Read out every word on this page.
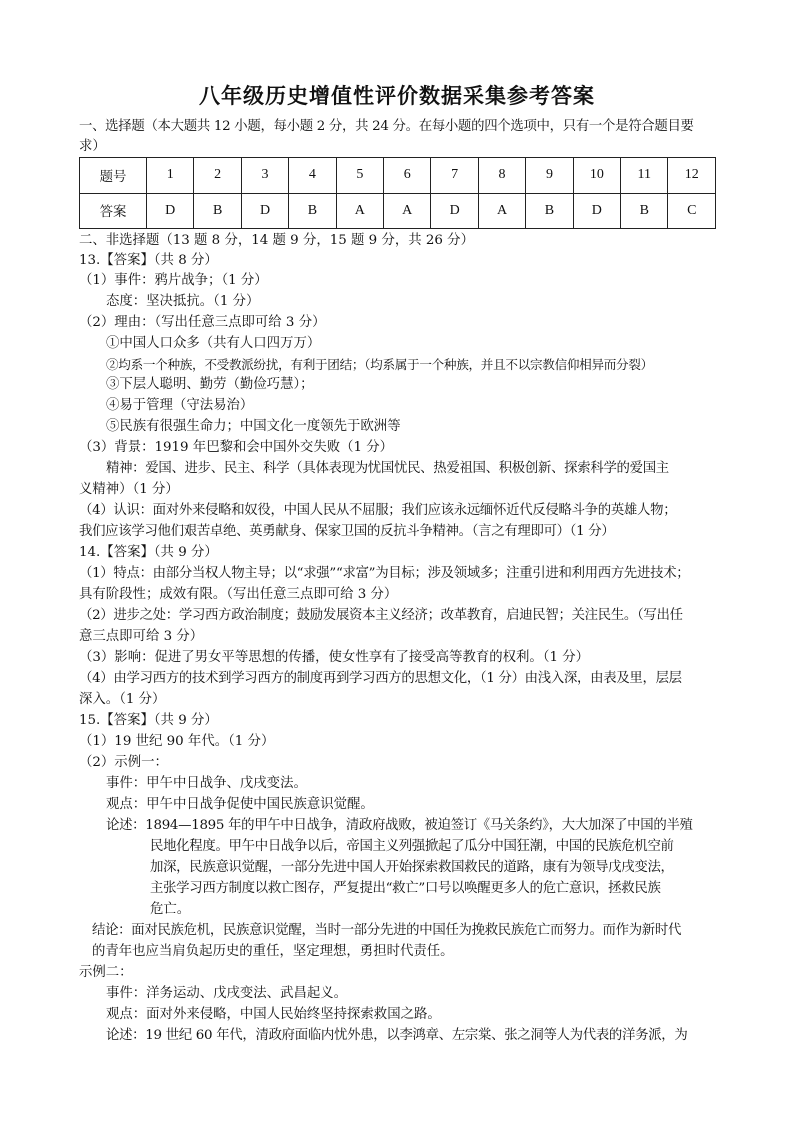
八年级历史增值性评价数据采集参考答案
一、选择题（本大题共 12 小题，每小题 2 分，共 24 分。在每小题的四个选项中，只有一个是符合题目要
求）
题号	1	2	3	4	5	6	7	8	9	10	11	12
答案	D	B	D	B	A	A	D	A	B	D	B	C
二、非选择题（13 题 8 分，14 题 9 分，15 题 9 分，共 26 分）
13.【答案】（共 8 分）
（1）事件：鸦片战争；（1 分）
态度：坚决抵抗。（1 分）
（2）理由：（写出任意三点即可给 3 分）
①中国人口众多（共有人口四万万）
②均系一个种族，不受教派纷扰，有利于团结；（均系属于一个种族，并且不以宗教信仰相异而分裂）
③下层人聪明、勤劳（勤俭巧慧）；
④易于管理（守法易治）
⑤民族有很强生命力；中国文化一度领先于欧洲等
（3）背景：1919 年巴黎和会中国外交失败（1 分）
精神：爱国、进步、民主、科学（具体表现为忧国忧民、热爱祖国、积极创新、探索科学的爱国主
义精神）（1 分）
（4）认识：面对外来侵略和奴役，中国人民从不屈服；我们应该永远缅怀近代反侵略斗争的英雄人物；
我们应该学习他们艰苦卓绝、英勇献身、保家卫国的反抗斗争精神。（言之有理即可）（1 分）
14.【答案】（共 9 分）
（1）特点：由部分当权人物主导；以“求强”“求富”为目标；涉及领域多；注重引进和利用西方先进技术；
具有阶段性；成效有限。（写出任意三点即可给 3 分）
（2）进步之处：学习西方政治制度；鼓励发展资本主义经济；改革教育，启迪民智；关注民生。（写出任
意三点即可给 3 分）
（3）影响：促进了男女平等思想的传播，使女性享有了接受高等教育的权利。（1 分）
（4）由学习西方的技术到学习西方的制度再到学习西方的思想文化，（1 分）由浅入深，由表及里，层层
深入。（1 分）
15.【答案】（共 9 分）
（1）19 世纪 90 年代。（1 分）
（2）示例一：
事件：甲午中日战争、戊戌变法。
观点：甲午中日战争促使中国民族意识觉醒。
论述：1894—1895 年的甲午中日战争，清政府战败，被迫签订《马关条约》，大大加深了中国的半殖
民地化程度。甲午中日战争以后，帝国主义列强掀起了瓜分中国狂潮，中国的民族危机空前
加深，民族意识觉醒，一部分先进中国人开始探索救国救民的道路，康有为领导戊戌变法，
主张学习西方制度以救亡图存，严复提出“救亡”口号以唤醒更多人的危亡意识，拯救民族
危亡。
结论：面对民族危机，民族意识觉醒，当时一部分先进的中国任为挽救民族危亡而努力。而作为新时代
的青年也应当肩负起历史的重任，坚定理想，勇担时代责任。
示例二：
事件：洋务运动、戊戌变法、武昌起义。
观点：面对外来侵略，中国人民始终坚持探索救国之路。
论述：19 世纪 60 年代，清政府面临内忧外患，以李鸿章、左宗棠、张之洞等人为代表的洋务派，为
